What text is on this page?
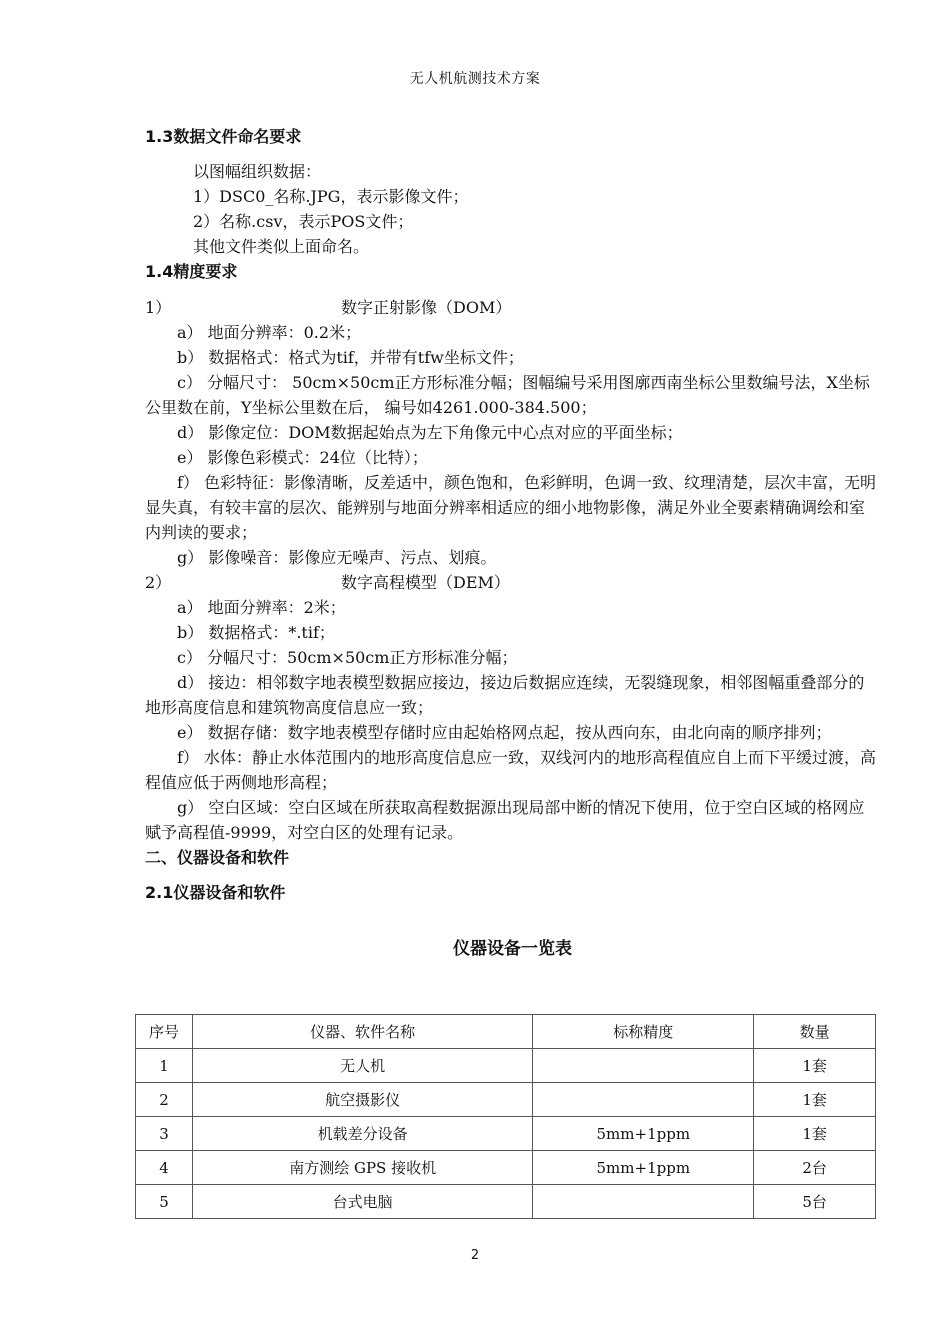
无人机航测技术方案
1.3数据文件命名要求
以图幅组织数据：
1）DSC0_名称.JPG，表示影像文件；
2）名称.csv，表示POS文件；
其他文件类似上面命名。
1.4精度要求
1）	数字正射影像（DOM）
a） 地面分辨率：0.2米；
b） 数据格式：格式为tif，并带有tfw坐标文件；
c） 分幅尺寸： 50cm×50cm正方形标准分幅；图幅编号采用图廓西南坐标公里数编号法，X坐标公里数在前，Y坐标公里数在后， 编号如4261.000-384.500；
d） 影像定位：DOM数据起始点为左下角像元中心点对应的平面坐标；
e） 影像色彩模式：24位（比特）；
f） 色彩特征：影像清晰，反差适中，颜色饱和，色彩鲜明，色调一致、纹理清楚，层次丰富，无明显失真，有较丰富的层次、能辨别与地面分辨率相适应的细小地物影像，满足外业全要素精确调绘和室内判读的要求；
g） 影像噪音：影像应无噪声、污点、划痕。
2）	数字高程模型（DEM）
a） 地面分辨率：2米；
b） 数据格式：*.tif；
c） 分幅尺寸：50cm×50cm正方形标准分幅；
d） 接边：相邻数字地表模型数据应接边，接边后数据应连续，无裂缝现象，相邻图幅重叠部分的地形高度信息和建筑物高度信息应一致；
e） 数据存储：数字地表模型存储时应由起始格网点起，按从西向东，由北向南的顺序排列；
f） 水体：静止水体范围内的地形高度信息应一致，双线河内的地形高程值应自上而下平缓过渡，高程值应低于两侧地形高程；
g） 空白区域：空白区域在所获取高程数据源出现局部中断的情况下使用，位于空白区域的格网应赋予高程值-9999，对空白区的处理有记录。
二、仪器设备和软件
2.1仪器设备和软件
仪器设备一览表
序号	仪器、软件名称	标称精度	数量
1	无人机		1套
2	航空摄影仪		1套
3	机载差分设备	5mm+1ppm	1套
4	南方测绘 GPS 接收机	5mm+1ppm	2台
5	台式电脑		5台
2
